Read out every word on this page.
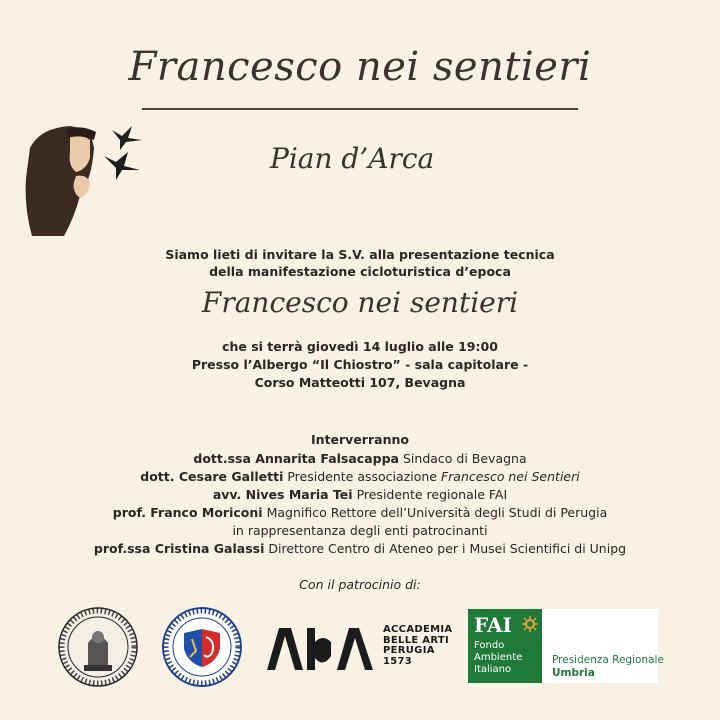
Francesco nei sentieri
Pian d’Arca
Siamo lieti di invitare la S.V. alla presentazione tecnica
della manifestazione cicloturistica d’epoca
Francesco nei sentieri
che si terrà giovedì 14 luglio alle 19:00
Presso l’Albergo “Il Chiostro” - sala capitolare -
Corso Matteotti 107, Bevagna
Interverranno
dott.ssa Annarita Falsacappa Sindaco di Bevagna
dott. Cesare Galletti Presidente associazione Francesco nei Sentieri
avv. Nives Maria Tei Presidente regionale FAI
prof. Franco Moriconi Magnifico Rettore dell’Università degli Studi di Perugia
in rappresentanza degli enti patrocinanti
prof.ssa Cristina Galassi Direttore Centro di Ateneo per i Musei Scientifici di Unipg
Con il patrocinio di:
ACCADEMIA
BELLE ARTI
PERUGIA
1573
FAI
Fondo
Ambiente
Italiano
Presidenza Regionale
Umbria
